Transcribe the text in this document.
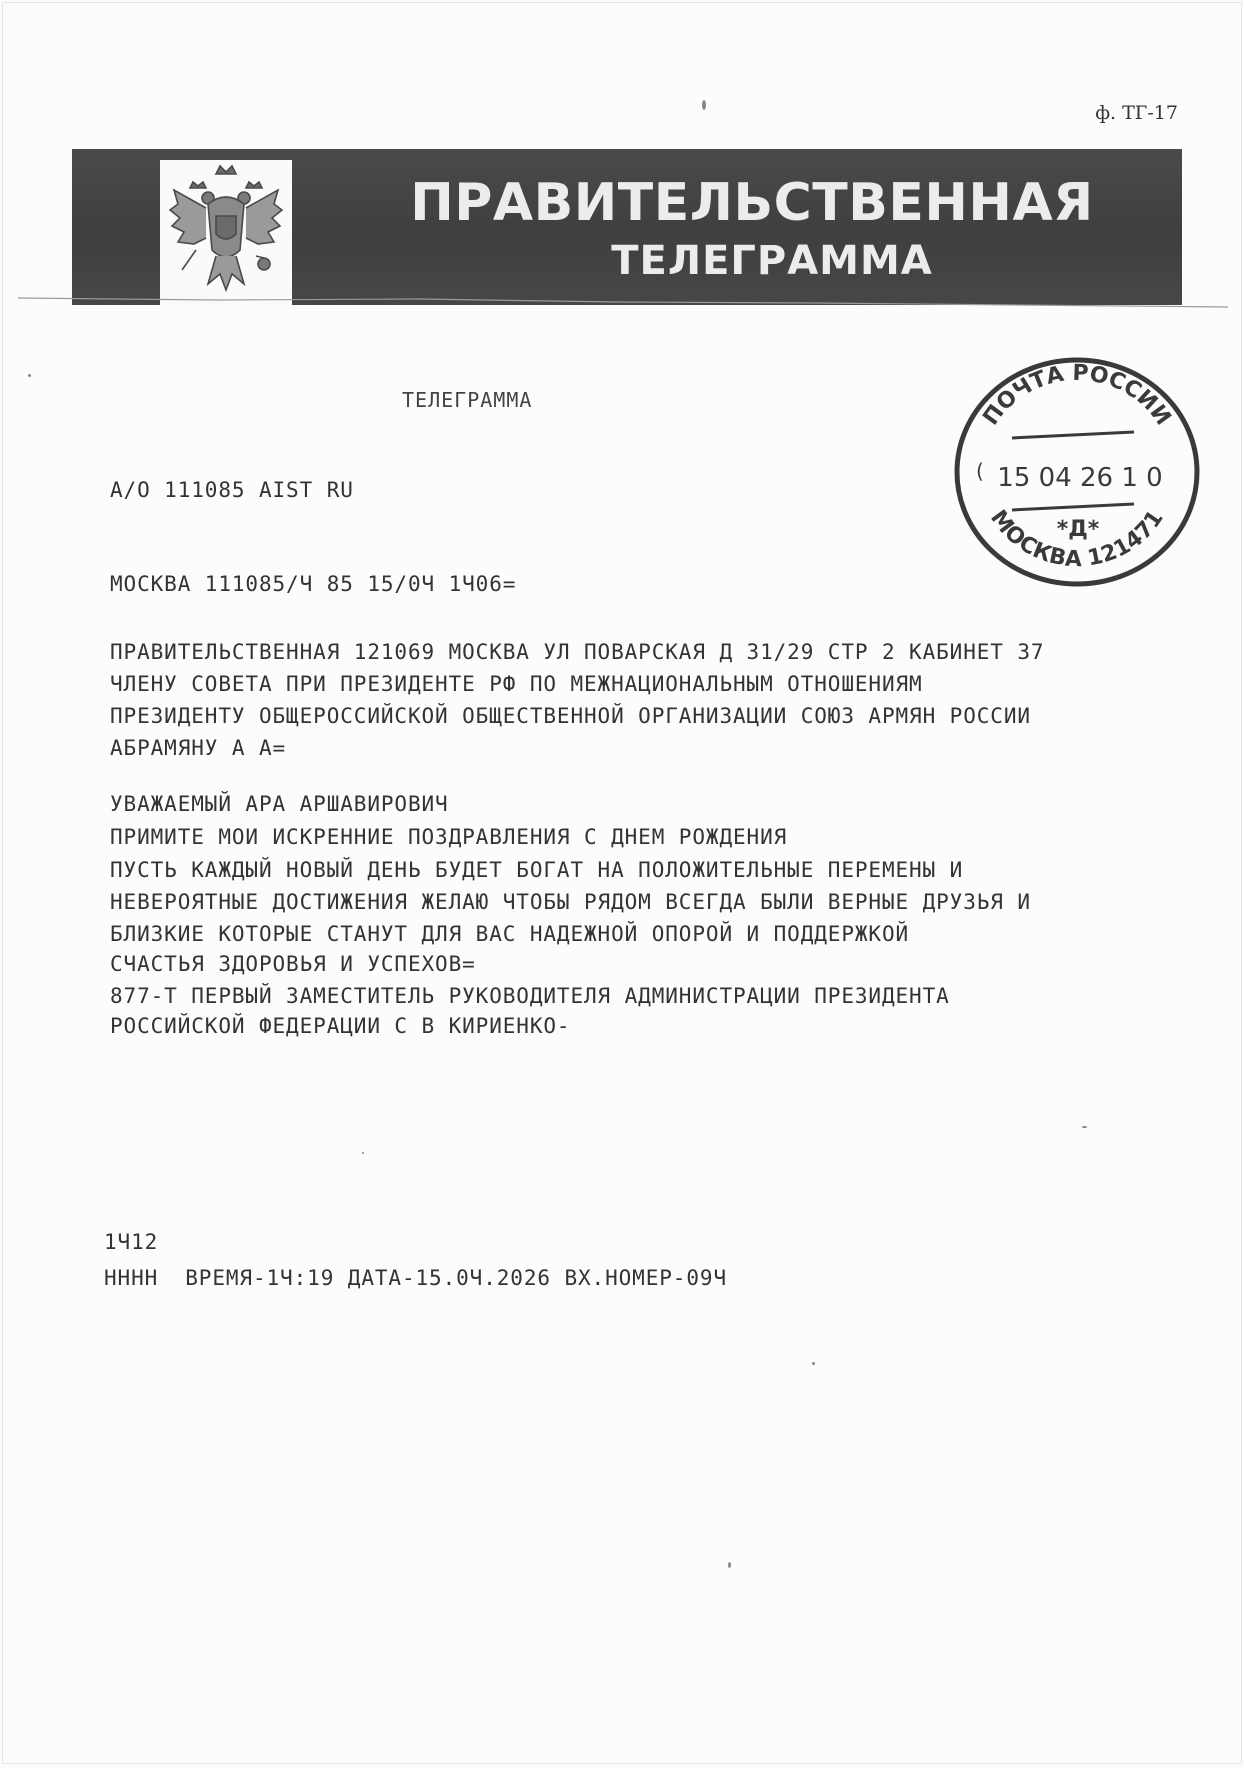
ф. ТГ-17
ПРАВИТЕЛЬСТВЕННАЯ
ТЕЛЕГРАММА
ТЕЛЕГРАММА
А/О 111085 AIST RU
МОСКВА 111085/Ч 85 15/0Ч 1Ч06=
ПРАВИТЕЛЬСТВЕННАЯ 121069 МОСКВА УЛ ПОВАРСКАЯ Д 31/29 СТР 2 КАБИНЕТ 37
ЧЛЕНУ СОВЕТА ПРИ ПРЕЗИДЕНТЕ РФ ПО МЕЖНАЦИОНАЛЬНЫМ ОТНОШЕНИЯМ
ПРЕЗИДЕНТУ ОБЩЕРОССИЙСКОЙ ОБЩЕСТВЕННОЙ ОРГАНИЗАЦИИ СОЮЗ АРМЯН РОССИИ
АБРАМЯНУ А А=
УВАЖАЕМЫЙ АРА АРШАВИРОВИЧ
ПРИМИТЕ МОИ ИСКРЕННИЕ ПОЗДРАВЛЕНИЯ С ДНЕМ РОЖДЕНИЯ
ПУСТЬ КАЖДЫЙ НОВЫЙ ДЕНЬ БУДЕТ БОГАТ НА ПОЛОЖИТЕЛЬНЫЕ ПЕРЕМЕНЫ И
НЕВЕРОЯТНЫЕ ДОСТИЖЕНИЯ ЖЕЛАЮ ЧТОБЫ РЯДОМ ВСЕГДА БЫЛИ ВЕРНЫЕ ДРУЗЬЯ И
БЛИЗКИЕ КОТОРЫЕ СТАНУТ ДЛЯ ВАС НАДЕЖНОЙ ОПОРОЙ И ПОДДЕРЖКОЙ
СЧАСТЬЯ ЗДОРОВЬЯ И УСПЕХОВ=
877-Т ПЕРВЫЙ ЗАМЕСТИТЕЛЬ РУКОВОДИТЕЛЯ АДМИНИСТРАЦИИ ПРЕЗИДЕНТА
РОССИЙСКОЙ ФЕДЕРАЦИИ С В КИРИЕНКО-
1Ч12
НННН  ВРЕМЯ-1Ч:19 ДАТА-15.0Ч.2026 ВХ.НОМЕР-09Ч
ПОЧТА РОССИИ
15 04 26 1 0
*Д*
МОСКВА 121471
(
